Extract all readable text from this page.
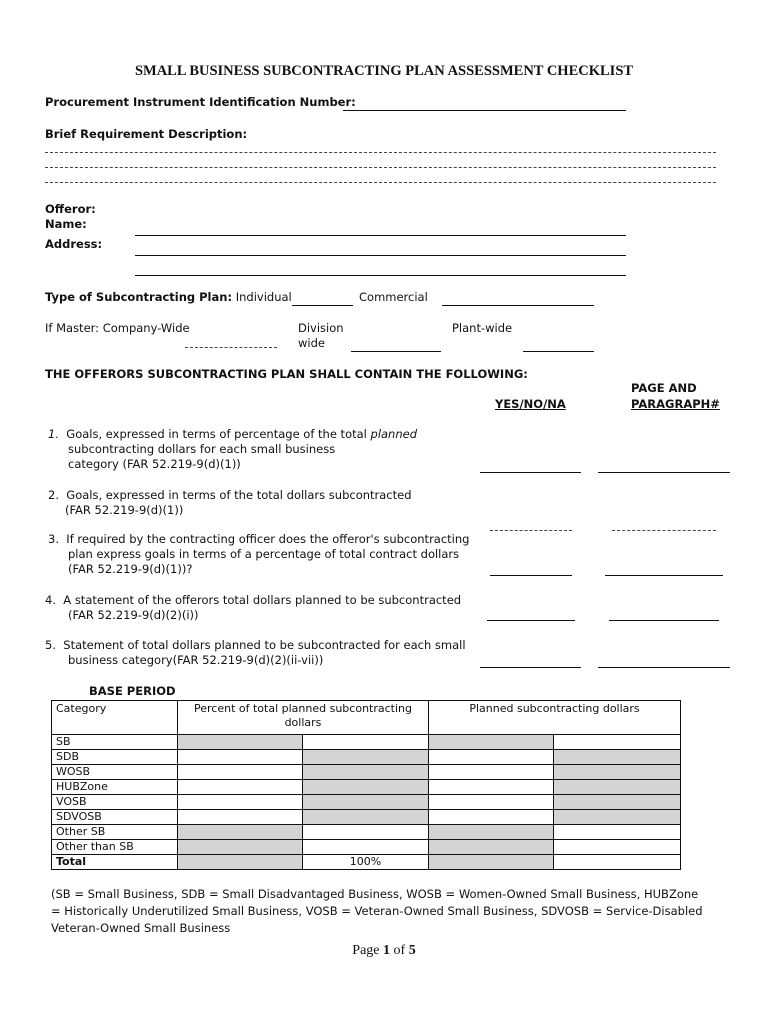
SMALL BUSINESS SUBCONTRACTING PLAN ASSESSMENT CHECKLIST
Procurement Instrument Identification Number:
Brief Requirement Description:
Offeror:
Name:
Address:
Type of Subcontracting Plan: Individual	Commercial
If Master: Company-Wide	Division
wide
Plant-wide
THE OFFERORS SUBCONTRACTING PLAN SHALL CONTAIN THE FOLLOWING:
PAGE AND
PARAGRAPH#
YES/NO/NA
1. Goals, expressed in terms of percentage of the total planned
subcontracting dollars for each small business
category (FAR 52.219-9(d)(1))
2. Goals, expressed in terms of the total dollars subcontracted
(FAR 52.219-9(d)(1))
3. If required by the contracting officer does the offeror's subcontracting
plan express goals in terms of a percentage of total contract dollars
(FAR 52.219-9(d)(1))?
4. A statement of the offerors total dollars planned to be subcontracted
(FAR 52.219-9(d)(2)(i))
5. Statement of total dollars planned to be subcontracted for each small
business category(FAR 52.219-9(d)(2)(ii-vii))
BASE PERIOD
Category	Percent of total planned subcontracting dollars		Planned subcontracting dollars	
SB				
SDB				
WOSB				
HUBZone				
VOSB				
SDVOSB				
Other SB				
Other than SB				
Total		100%		
(SB = Small Business, SDB = Small Disadvantaged Business, WOSB = Women-Owned Small Business, HUBZone = Historically Underutilized Small Business, VOSB = Veteran-Owned Small Business, SDVOSB = Service-Disabled Veteran-Owned Small Business
Page 1 of 5
